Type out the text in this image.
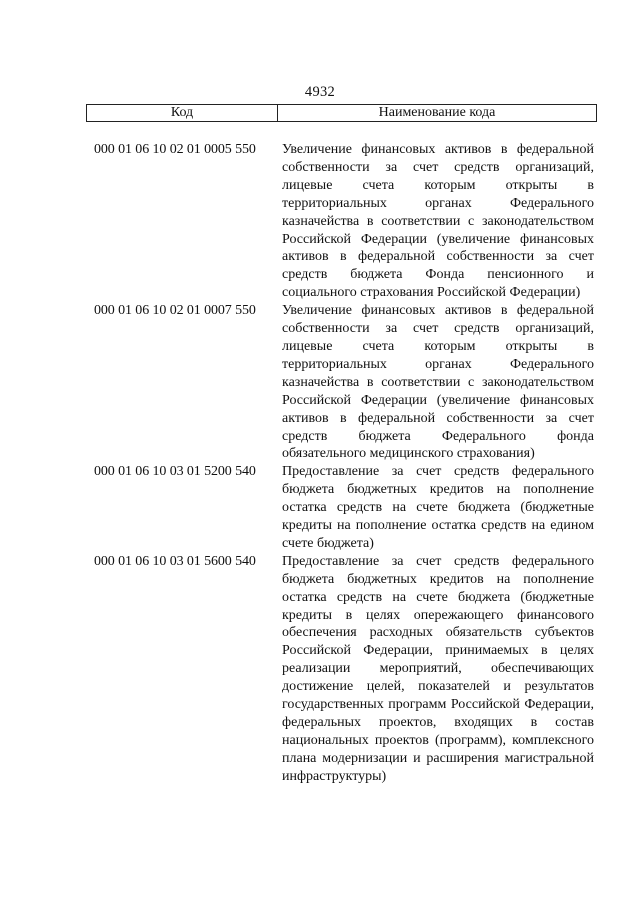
4932
Код	Наименование кода
000 01 06 10 02 01 0005 550	Увеличение финансовых активов в федеральной собственности за счет средств организаций, лицевые счета которым открыты в территориальных органах Федерального казначейства в соответствии с законодательством Российской Федерации (увеличение финансовых активов в федеральной собственности за счет средств бюджета Фонда пенсионного и социального страхования Российской Федерации)
000 01 06 10 02 01 0007 550	Увеличение финансовых активов в федеральной собственности за счет средств организаций, лицевые счета которым открыты в территориальных органах Федерального казначейства в соответствии с законодательством Российской Федерации (увеличение финансовых активов в федеральной собственности за счет средств бюджета Федерального фонда обязательного медицинского страхования)
000 01 06 10 03 01 5200 540	Предоставление за счет средств федерального бюджета бюджетных кредитов на пополнение остатка средств на счете бюджета (бюджетные кредиты на пополнение остатка средств на едином счете бюджета)
000 01 06 10 03 01 5600 540	Предоставление за счет средств федерального бюджета бюджетных кредитов на пополнение остатка средств на счете бюджета (бюджетные кредиты в целях опережающего финансового обеспечения расходных обязательств субъектов Российской Федерации, принимаемых в целях реализации мероприятий, обеспечивающих достижение целей, показателей и результатов государственных программ Российской Федерации, федеральных проектов, входящих в состав национальных проектов (программ), комплексного плана модернизации и расширения магистральной инфраструктуры)
